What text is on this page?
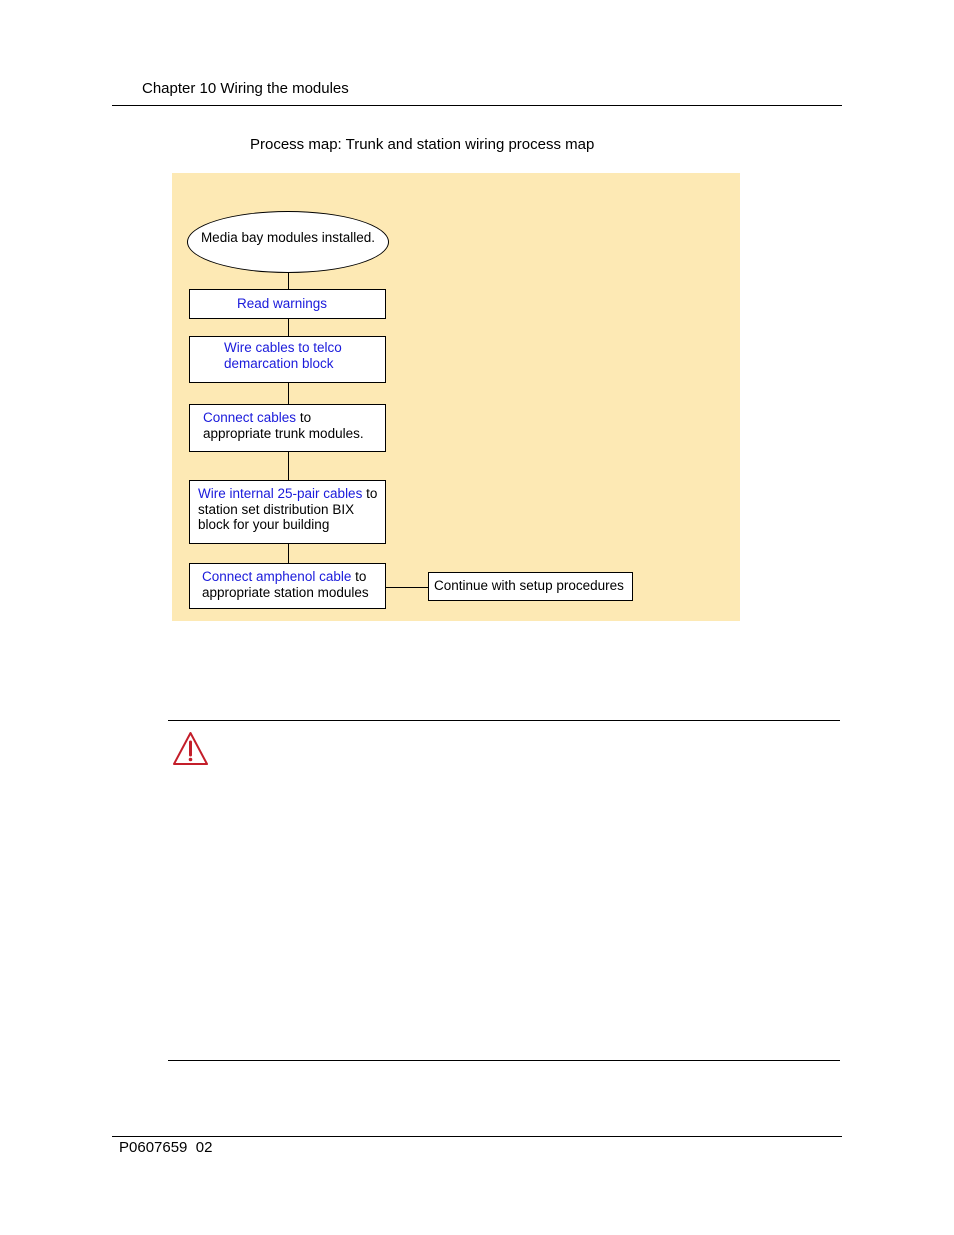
Chapter 10 Wiring the modules
Process map: Trunk and station wiring process map
Media bay modules installed.
Read warnings
Wire cables to telco demarcation block
Connect cables to appropriate trunk modules.
Wire internal 25-pair cables to station set distribution BIX block for your building
Connect amphenol cable to appropriate station modules	Continue with setup procedures
P0607659  02
